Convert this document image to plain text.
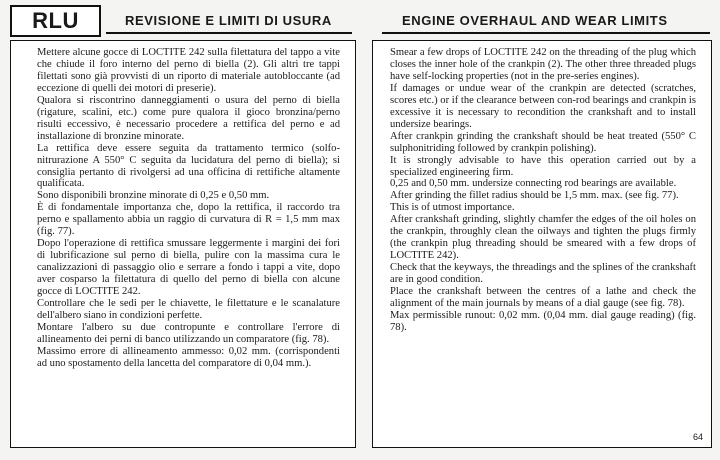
RLU	REVISIONE E LIMITI DI USURA	ENGINE OVERHAUL AND WEAR LIMITS

Mettere alcune gocce di LOCTITE 242 sulla filettatura del tappo a vite che chiude il foro interno del perno di biella (2). Gli altri tre tappi filettati sono già provvisti di un riporto di materiale autobloccante (ad eccezione di quelli dei motori di preserie).

Qualora si riscontrino danneggiamenti o usura del perno di biella (rigature, scalini, etc.) come pure qualora il gioco bronzina/perno risulti eccessivo, è necessario procedere a rettifica del perno e ad installazione di bronzine minorate.

La rettifica deve essere seguita da trattamento termico (solfo-nitrurazione A 550° C seguita da lucidatura del perno di biella); si consiglia pertanto di rivolgersi ad una officina di rettifiche altamente qualificata.

Sono disponibili bronzine minorate di 0,25 e 0,50 mm.

È di fondamentale importanza che, dopo la rettifica, il raccordo tra perno e spallamento abbia un raggio di curvatura di R = 1,5 mm max (fig. 77).

Dopo l'operazione di rettifica smussare leggermente i margini dei fori di lubrificazione sul perno di biella, pulire con la massima cura le canalizzazioni di passaggio olio e serrare a fondo i tappi a vite, dopo aver cosparso la filettatura di quello del perno di biella con alcune gocce di LOCTITE 242.

Controllare che le sedi per le chiavette, le filettature e le scanalature dell'albero siano in condizioni perfette.

Montare l'albero su due contropunte e controllare l'errore di allineamento dei perni di banco utilizzando un comparatore (fig. 78).

Massimo errore di allineamento ammesso: 0,02 mm. (corrispondenti ad uno spostamento della lancetta del comparatore di 0,04 mm.).

Smear a few drops of LOCTITE 242 on the threading of the plug which closes the inner hole of the crankpin (2). The other three threaded plugs have self-locking properties (not in the pre-series engines).

If damages or undue wear of the crankpin are detected (scratches, scores etc.) or if the clearance between con-rod bearings and crankpin is excessive it is necessary to recondition the crankshaft and to install undersize bearings.

After crankpin grinding the crankshaft should be heat treated (550° C sulphonitriding followed by crankpin polishing).

It is strongly advisable to have this operation carried out by a specialized engineering firm.

0,25 and 0,50 mm. undersize connecting rod bearings are available.

After grinding the fillet radius should be 1,5 mm. max. (see fig. 77).

This is of utmost importance.

After crankshaft grinding, slightly chamfer the edges of the oil holes on the crankpin, throughly clean the oilways and tighten the plugs firmly (the crankpin plug threading should be smeared with a few drops of LOCTITE 242).

Check that the keyways, the threadings and the splines of the crankshaft are in good condition.

Place the crankshaft between the centres of a lathe and check the alignment of the main journals by means of a dial gauge (see fig. 78).

Max permissible runout: 0,02 mm. (0,04 mm. dial gauge reading) (fig. 78).

64
